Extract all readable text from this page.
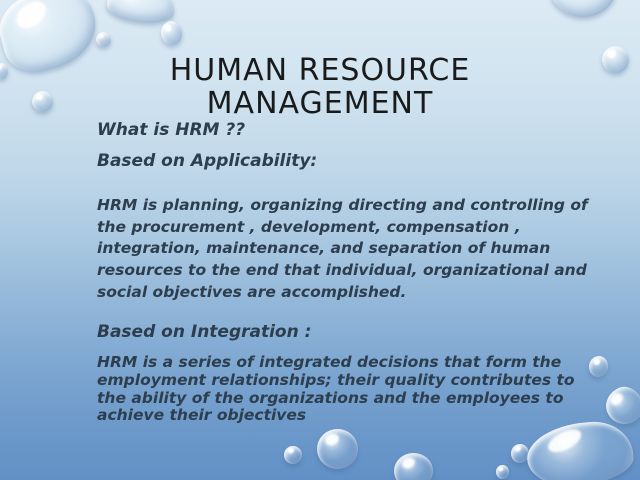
HUMAN RESOURCE MANAGEMENT

What is HRM ??

Based on Applicability:

HRM is planning, organizing directing and controlling of the procurement , development, compensation , integration, maintenance, and separation of human resources to the end that individual, organizational and social objectives are accomplished.

Based on Integration :

HRM is a series of integrated decisions that form the employment relationships; their quality contributes to the ability of the organizations and the employees to achieve their objectives
